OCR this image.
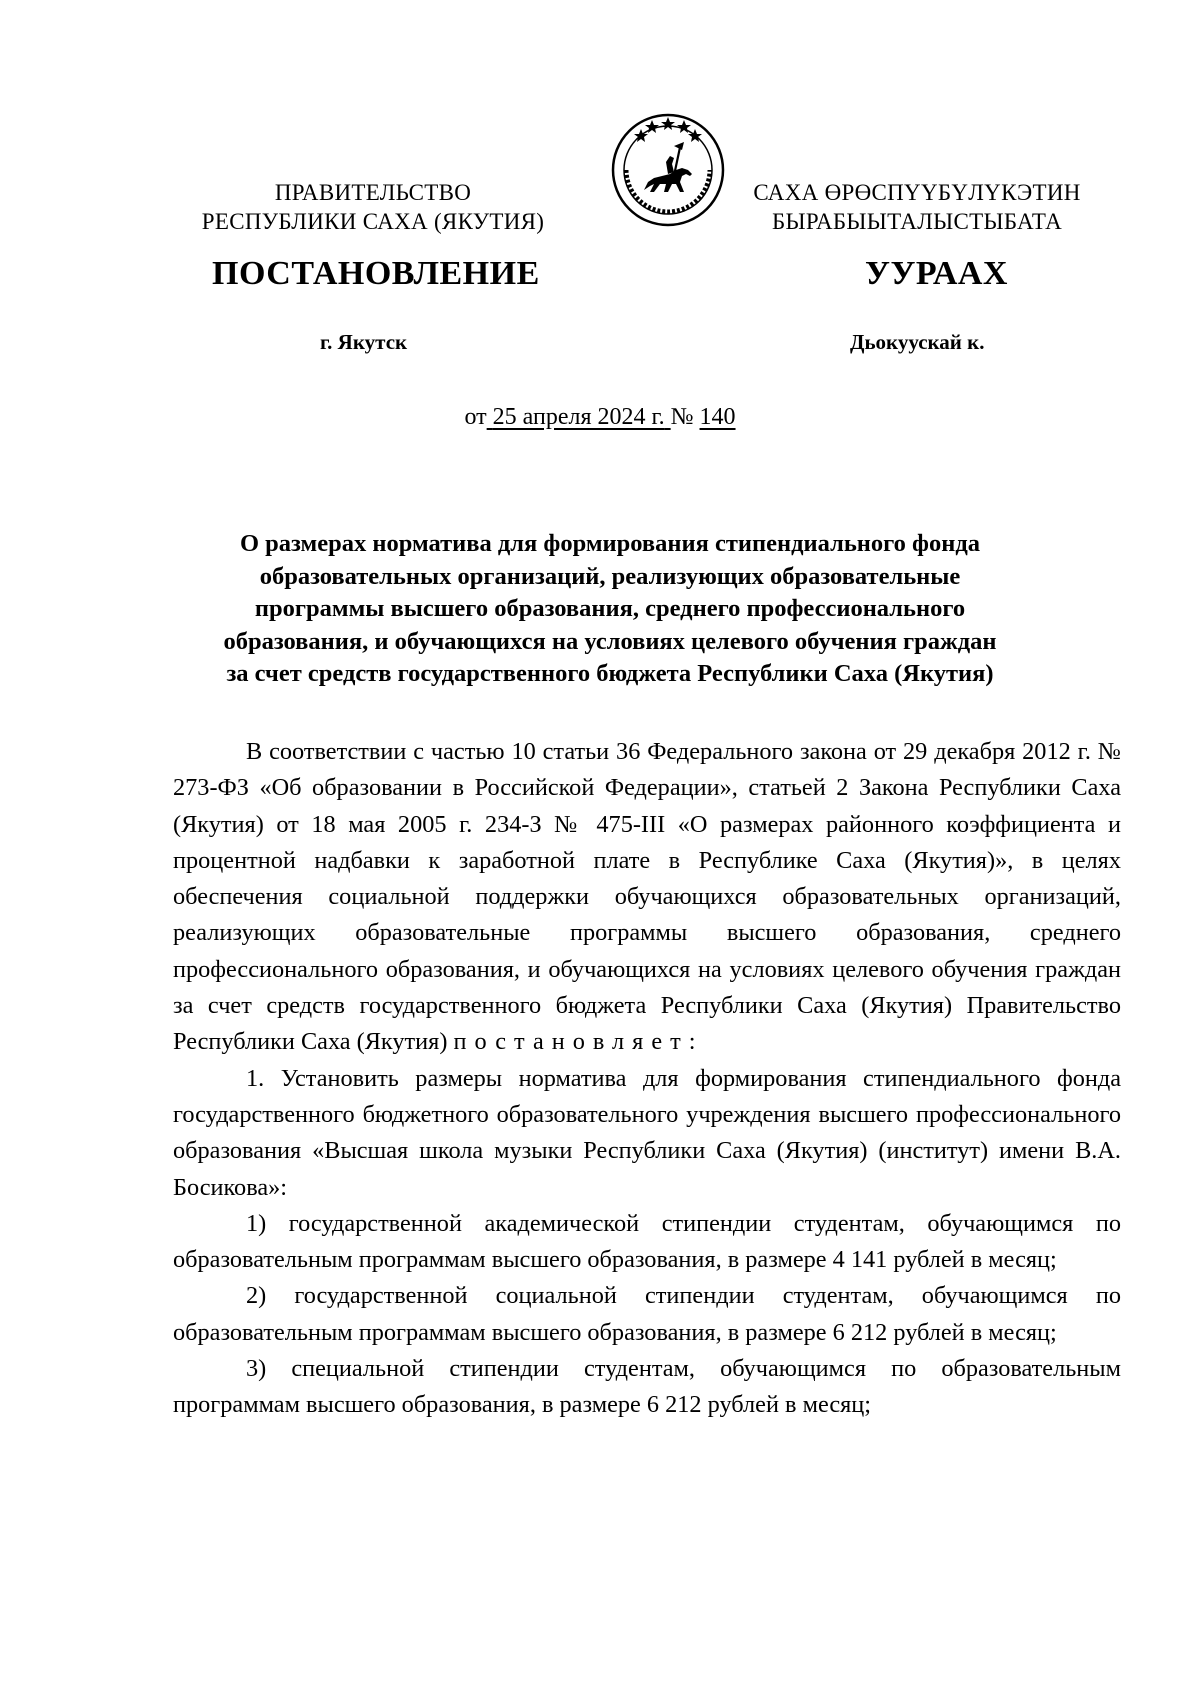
ПРАВИТЕЛЬСТВО
РЕСПУБЛИКИ САХА (ЯКУТИЯ)
САХА ӨРӨСПҮҮБҮЛҮКЭТИН
БЫРАБЫЫТАЛЫСТЫБАТА
ПОСТАНОВЛЕНИЕ	УУРААХ
г. Якутск	Дьокуускай к.
от 25 апреля 2024 г. № 140
О размерах норматива для формирования стипендиального фонда
образовательных организаций, реализующих образовательные
программы высшего образования, среднего профессионального
образования, и обучающихся на условиях целевого обучения граждан
за счет средств государственного бюджета Республики Саха (Якутия)

В соответствии с частью 10 статьи 36 Федерального закона от 29 декабря 2012 г. № 273-ФЗ «Об образовании в Российской Федерации», статьей 2 Закона Республики Саха (Якутия) от 18 мая 2005 г. 234-З № 475-III «О размерах районного коэффициента и процентной надбавки к заработной плате в Республике Саха (Якутия)», в целях обеспечения социальной поддержки обучающихся образовательных организаций, реализующих образовательные программы высшего образования, среднего профессионального образования, и обучающихся на условиях целевого обучения граждан за счет средств государственного бюджета Республики Саха (Якутия) Правительство Республики Саха (Якутия) постановляет:

1. Установить размеры норматива для формирования стипендиального фонда государственного бюджетного образовательного учреждения высшего профессионального образования «Высшая школа музыки Республики Саха (Якутия) (институт) имени В.А. Босикова»:

1) государственной академической стипендии студентам, обучающимся по образовательным программам высшего образования, в размере 4 141 рублей в месяц;

2) государственной социальной стипендии студентам, обучающимся по образовательным программам высшего образования, в размере 6 212 рублей в месяц;

3) специальной стипендии студентам, обучающимся по образовательным программам высшего образования, в размере 6 212 рублей в месяц;
